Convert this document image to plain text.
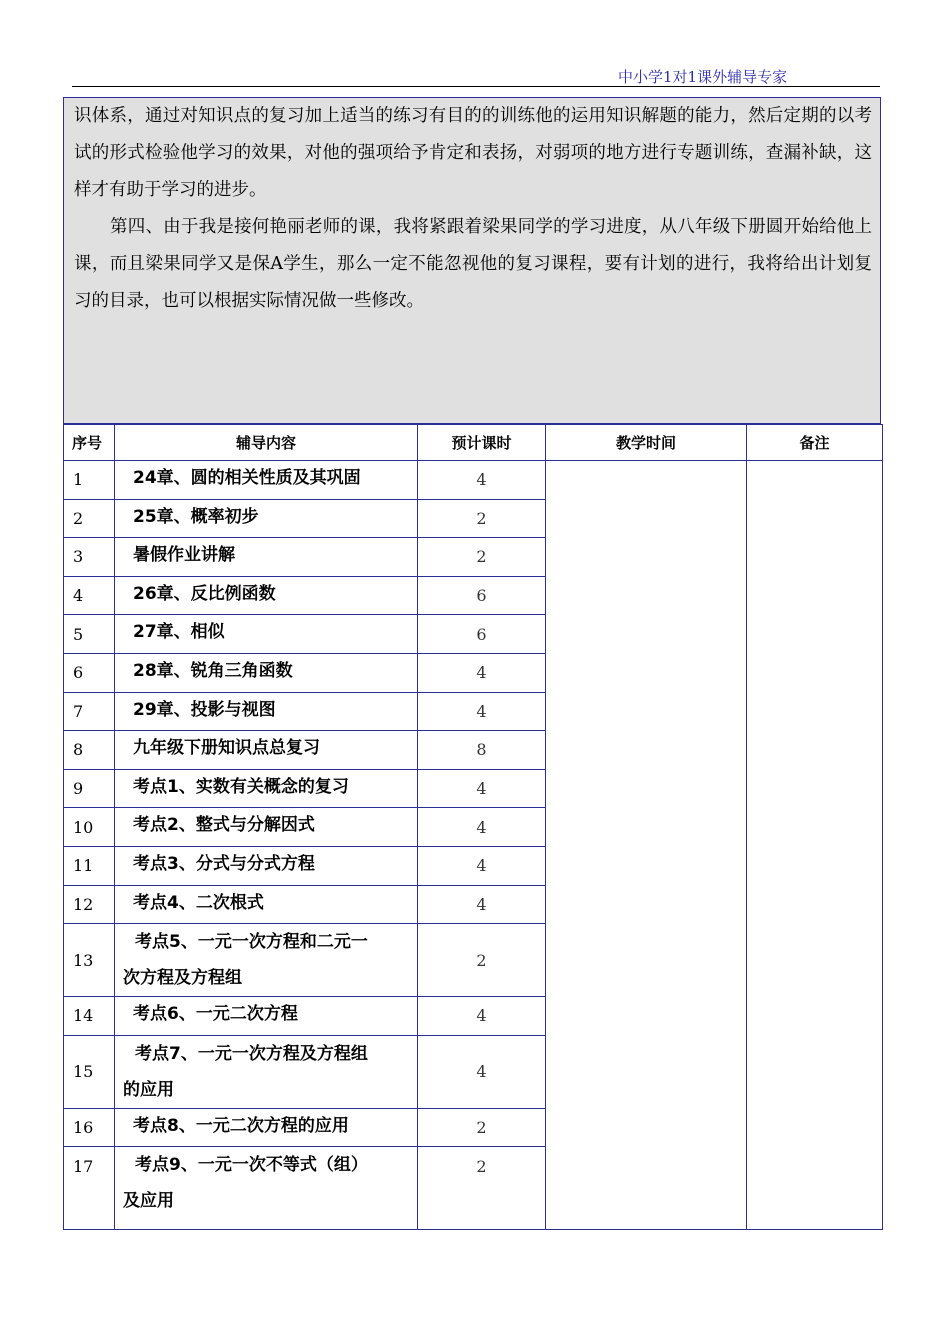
中小学1对1课外辅导专家

识体系，通过对知识点的复习加上适当的练习有目的的训练他的运用知识解题的能力，然后定期的以考试的形式检验他学习的效果，对他的强项给予肯定和表扬，对弱项的地方进行专题训练，查漏补缺，这样才有助于学习的进步。

第四、由于我是接何艳丽老师的课，我将紧跟着梁果同学的学习进度，从八年级下册圆开始给他上课，而且梁果同学又是保A学生，那么一定不能忽视他的复习课程，要有计划的进行，我将给出计划复习的目录，也可以根据实际情况做一些修改。

序号	辅导内容	预计课时	教学时间	备注
1	24章、圆的相关性质及其巩固	4		
2	25章、概率初步	2		
3	暑假作业讲解	2		
4	26章、反比例函数	6		
5	27章、相似	6		
6	28章、锐角三角函数	4		
7	29章、投影与视图	4		
8	九年级下册知识点总复习	8		
9	考点1、实数有关概念的复习	4		
10	考点2、整式与分解因式	4		
11	考点3、分式与分式方程	4		
12	考点4、二次根式	4		
13	考点5、一元一次方程和二元一
次方程及方程组	2		
14	考点6、一元二次方程	4		
15	考点7、一元一次方程及方程组
的应用	4		
16	考点8、一元二次方程的应用	2		
17	考点9、一元一次不等式（组）
及应用	2		
